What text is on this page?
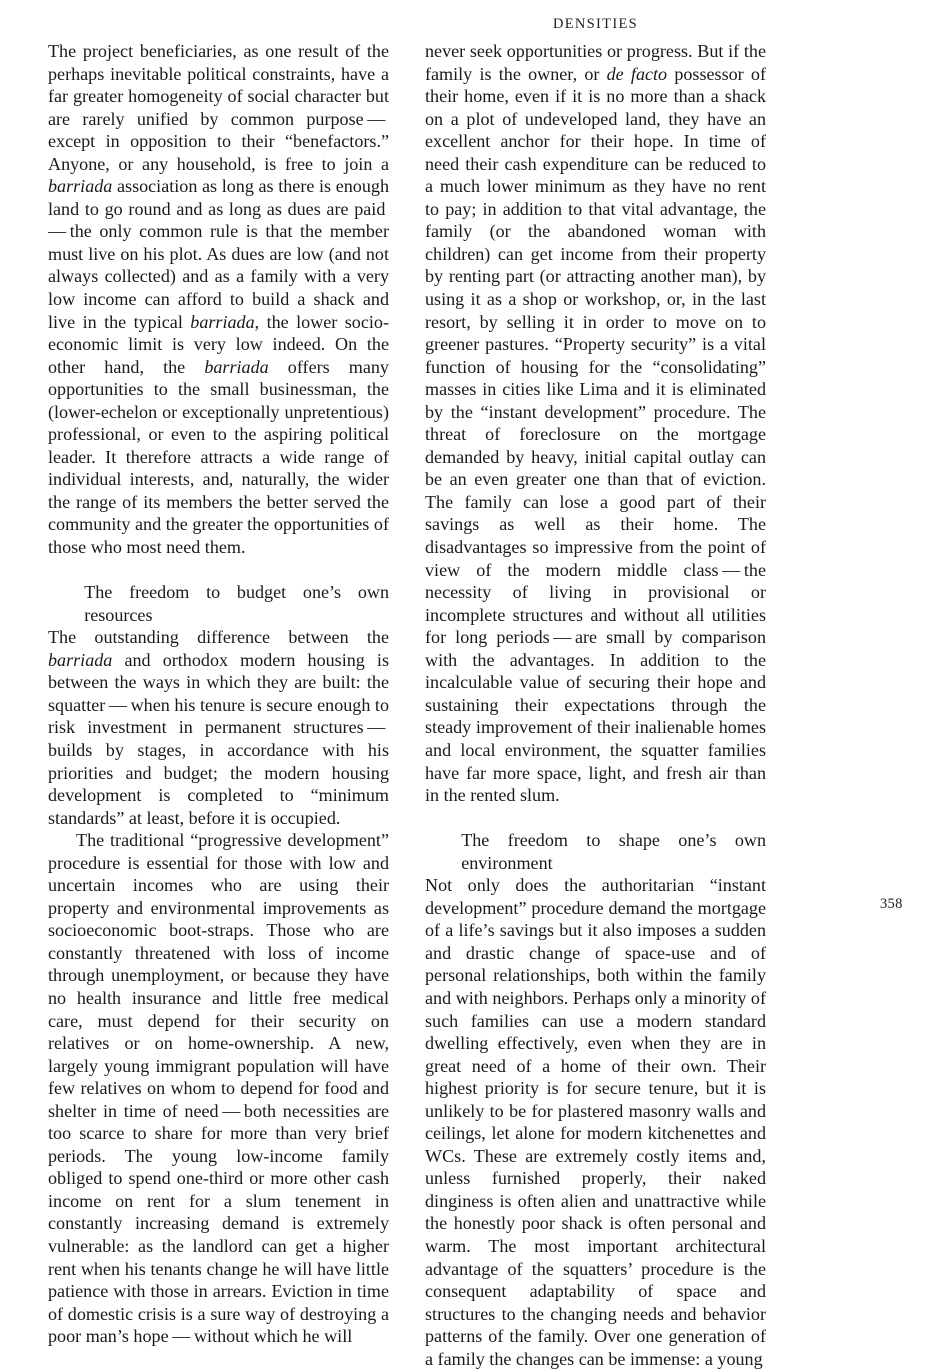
DENSITIES
358

The project beneficiaries, as one result of the perhaps inevitable political constraints, have a far greater homogeneity of social character but are rarely unified by common purpose — except in opposition to their “benefactors.” Anyone, or any household, is free to join a barriada association as long as there is enough land to go round and as long as dues are paid — the only common rule is that the member must live on his plot. As dues are low (and not always collected) and as a family with a very low income can afford to build a shack and live in the typical barriada, the lower socio-economic limit is very low indeed. On the other hand, the barriada offers many opportunities to the small businessman, the (lower-echelon or exceptionally unpretentious) professional, or even to the aspiring political leader. It therefore attracts a wide range of individual interests, and, naturally, the wider the range of its members the better served the community and the greater the opportunities of those who most need them.

The freedom to budget one’s own resources

The outstanding difference between the barriada and orthodox modern housing is between the ways in which they are built: the squatter — when his tenure is secure enough to risk investment in permanent structures — builds by stages, in accordance with his priorities and budget; the modern housing development is completed to “minimum standards” at least, before it is occupied.

The traditional “progressive development” procedure is essential for those with low and uncertain incomes who are using their property and environmental improvements as socioeconomic boot-straps. Those who are constantly threatened with loss of income through unemployment, or because they have no health insurance and little free medical care, must depend for their security on relatives or on home-ownership. A new, largely young immigrant population will have few relatives on whom to depend for food and shelter in time of need — both necessities are too scarce to share for more than very brief periods. The young low-income family obliged to spend one-third or more other cash income on rent for a slum tenement in constantly increasing demand is extremely vulnerable: as the landlord can get a higher rent when his tenants change he will have little patience with those in arrears. Eviction in time of domestic crisis is a sure way of destroying a poor man’s hope — without which he will

never seek opportunities or progress. But if the family is the owner, or de facto possessor of their home, even if it is no more than a shack on a plot of undeveloped land, they have an excellent anchor for their hope. In time of need their cash expenditure can be reduced to a much lower minimum as they have no rent to pay; in addition to that vital advantage, the family (or the abandoned woman with children) can get income from their property by renting part (or attracting another man), by using it as a shop or workshop, or, in the last resort, by selling it in order to move on to greener pastures. “Property security” is a vital function of housing for the “consolidating” masses in cities like Lima and it is eliminated by the “instant development” procedure. The threat of foreclosure on the mortgage demanded by heavy, initial capital outlay can be an even greater one than that of eviction. The family can lose a good part of their savings as well as their home. The disadvantages so impressive from the point of view of the modern middle class — the necessity of living in provisional or incomplete structures and without all utilities for long periods — are small by comparison with the advantages. In addition to the incalculable value of securing their hope and sustaining their expectations through the steady improvement of their inalienable homes and local environment, the squatter families have far more space, light, and fresh air than in the rented slum.

The freedom to shape one’s own environment

Not only does the authoritarian “instant development” procedure demand the mortgage of a life’s savings but it also imposes a sudden and drastic change of space-use and of personal relationships, both within the family and with neighbors. Perhaps only a minority of such families can use a modern standard dwelling effectively, even when they are in great need of a home of their own. Their highest priority is for secure tenure, but it is unlikely to be for plastered masonry walls and ceilings, let alone for modern kitchenettes and WCs. These are extremely costly items and, unless furnished properly, their naked dinginess is often alien and unattractive while the honestly poor shack is often personal and warm. The most important architectural advantage of the squatters’ procedure is the consequent adaptability of space and structures to the changing needs and behavior patterns of the family. Over one generation of a family the changes can be immense: a young
